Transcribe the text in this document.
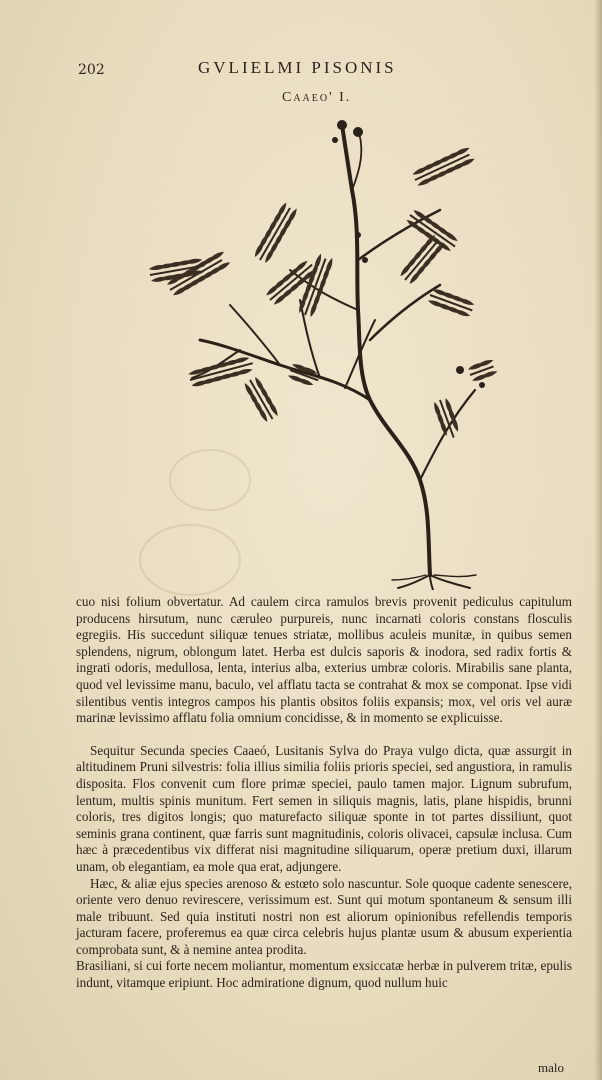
202	GVLIELMI PISONIS
Caaeo' I.

cuo nisi folium obvertatur. Ad caulem circa ramulos brevis provenit pediculus capitulum producens hirsutum, nunc cæruleo purpureis, nunc incarnati coloris constans flosculis egregiis. His succedunt siliquæ tenues striatæ, mollibus aculeis munitæ, in quibus semen splendens, nigrum, oblongum latet. Herba est dulcis saporis & inodora, sed radix fortis & ingrati odoris, medullosa, lenta, interius alba, exterius umbræ coloris. Mirabilis sane planta, quod vel levissime manu, baculo, vel afflatu tacta se contrahat & mox se componat. Ipse vidi silentibus ventis integros campos his plantis obsitos foliis expansis; mox, vel oris vel auræ marinæ levissimo afflatu folia omnium concidisse, & in momento se explicuisse.

Sequitur Secunda species Caaeó, Lusitanis Sylva do Praya vulgo dicta, quæ assurgit in altitudinem Pruni silvestris: folia illius similia foliis prioris speciei, sed angustiora, in ramulis disposita. Flos convenit cum flore primæ speciei, paulo tamen major. Lignum subrufum, lentum, multis spinis munitum. Fert semen in siliquis magnis, latis, plane hispidis, brunni coloris, tres digitos longis; quo maturefacto siliquæ sponte in tot partes dissiliunt, quot seminis grana continent, quæ farris sunt magnitudinis, coloris olivacei, capsulæ inclusa. Cum hæc à præcedentibus vix differat nisi magnitudine siliquarum, operæ pretium duxi, illarum unam, ob elegantiam, ea mole qua erat, adjungere.

Hæc, & aliæ ejus species arenoso & estœto solo nascuntur. Sole quoque cadente senescere, oriente vero denuo revirescere, verissimum est. Sunt qui motum spontaneum & sensum illi male tribuunt. Sed quia instituti nostri non est aliorum opinionibus refellendis temporis jacturam facere, proferemus ea quæ circa celebris hujus plantæ usum & abusum experientia comprobata sunt, & à nemine antea prodita.

Brasiliani, si cui forte necem moliantur, momentum exsiccatæ herbæ in pulverem tritæ, epulis indunt, vitamque eripiunt. Hoc admiratione dignum, quod nullum huic

malo
